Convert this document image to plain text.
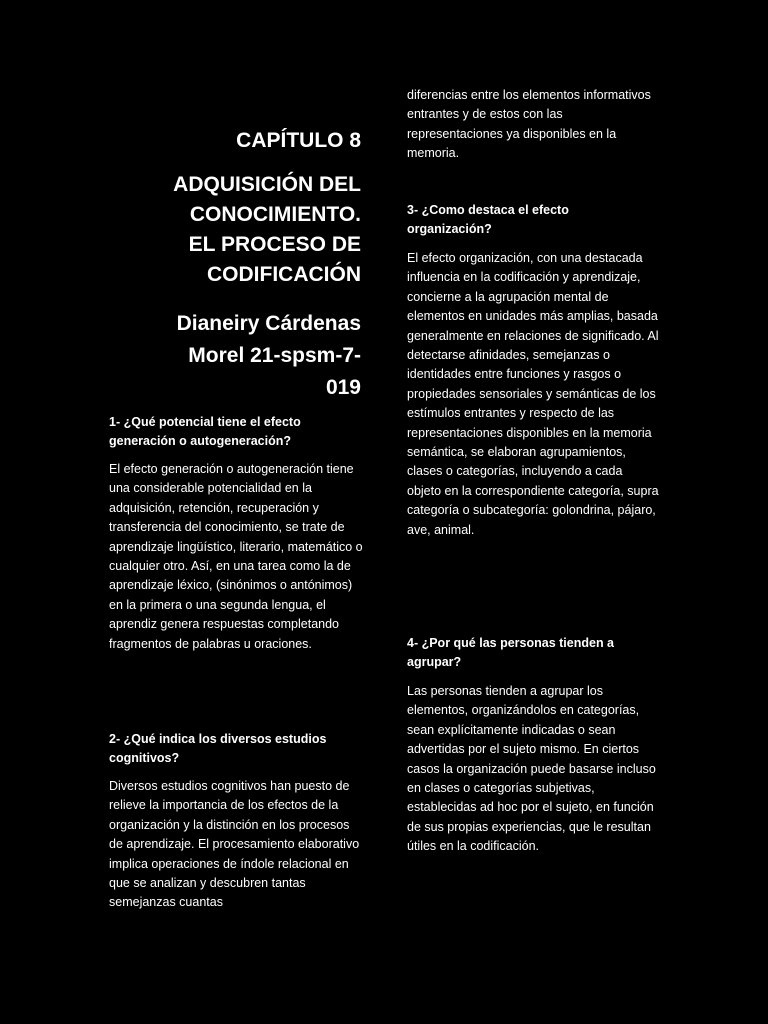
CAPÍTULO 8
ADQUISICIÓN DEL
CONOCIMIENTO.
EL PROCESO DE
CODIFICACIÓN
Dianeiry Cárdenas
Morel 21-spsm-7-
019
1- ¿Qué potencial tiene el efecto generación o autogeneración?
El efecto generación o autogeneración tiene una considerable potencialidad en la adquisición, retención, recuperación y transferencia del conocimiento, se trate de aprendizaje lingüístico, literario, matemático o cualquier otro. Así, en una tarea como la de aprendizaje léxico, (sinónimos o antónimos) en la primera o una segunda lengua, el aprendiz genera respuestas completando fragmentos de palabras u oraciones.
2- ¿Qué indica los diversos estudios cognitivos?
Diversos estudios cognitivos han puesto de relieve la importancia de los efectos de la organización y la distinción en los procesos de aprendizaje. El procesamiento elaborativo implica operaciones de índole relacional en que se analizan y descubren tantas semejanzas cuantas
diferencias entre los elementos informativos entrantes y de estos con las representaciones ya disponibles en la memoria.
3- ¿Como destaca el efecto organización?
El efecto organización, con una destacada influencia en la codificación y aprendizaje, concierne a la agrupación mental de elementos en unidades más amplias, basada generalmente en relaciones de significado. Al detectarse afinidades, semejanzas o identidades entre funciones y rasgos o propiedades sensoriales y semánticas de los estímulos entrantes y respecto de las representaciones disponibles en la memoria semántica, se elaboran agrupamientos, clases o categorías, incluyendo a cada objeto en la correspondiente categoría, supra categoría o subcategoría: golondrina, pájaro, ave, animal.
4- ¿Por qué las personas tienden a agrupar?
Las personas tienden a agrupar los elementos, organizándolos en categorías, sean explícitamente indicadas o sean advertidas por el sujeto mismo. En ciertos casos la organización puede basarse incluso en clases o categorías subjetivas, establecidas ad hoc por el sujeto, en función de sus propias experiencias, que le resultan útiles en la codificación.
